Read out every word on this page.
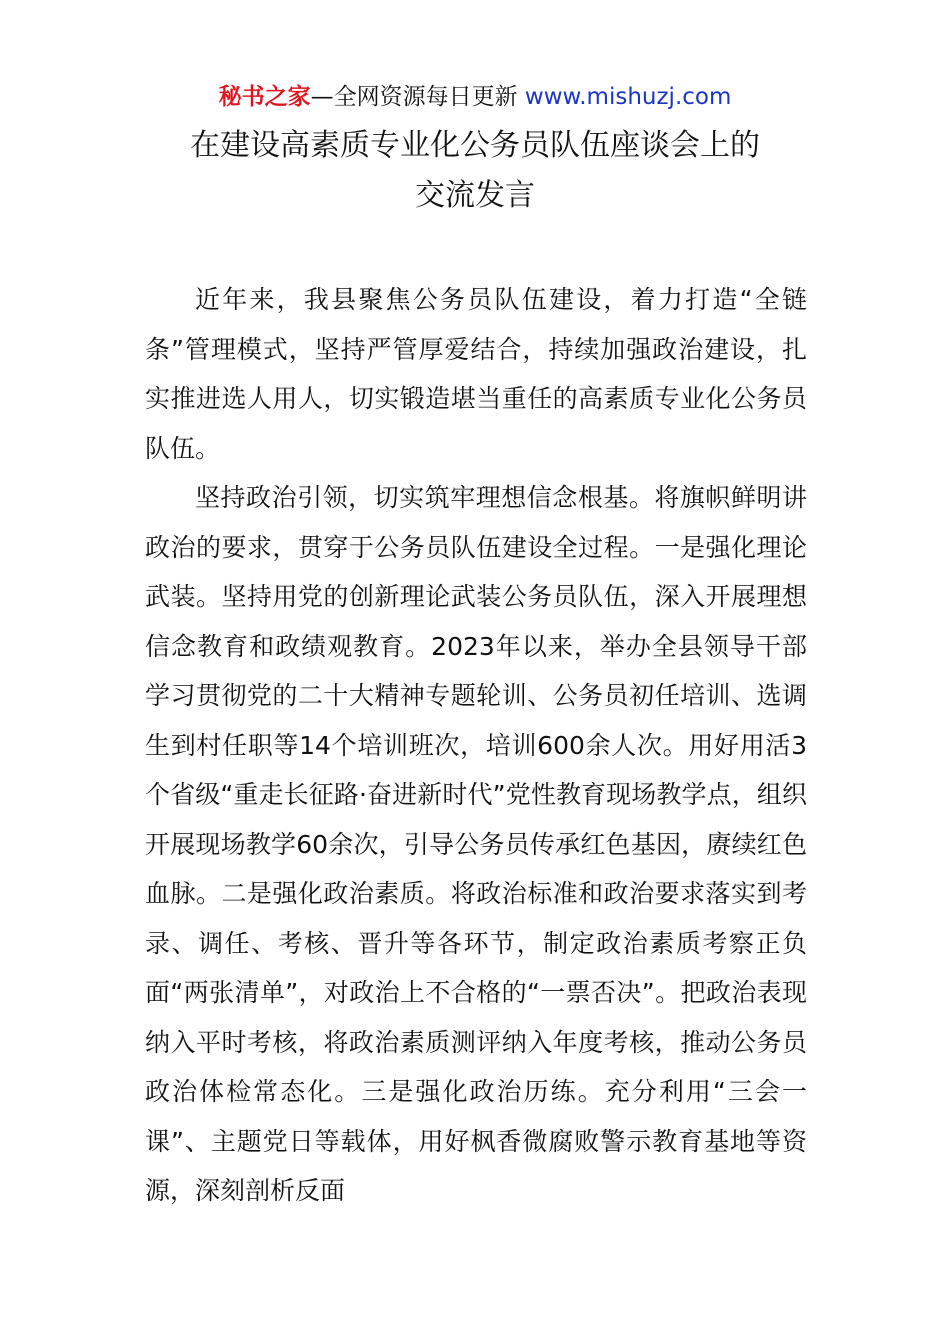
秘书之家—全网资源每日更新 www.mishuzj.com
在建设高素质专业化公务员队伍座谈会上的
交流发言

近年来，我县聚焦公务员队伍建设，着力打造“全链条”管理模式，坚持严管厚爱结合，持续加强政治建设，扎实推进选人用人，切实锻造堪当重任的高素质专业化公务员队伍。

坚持政治引领，切实筑牢理想信念根基。将旗帜鲜明讲政治的要求，贯穿于公务员队伍建设全过程。一是强化理论武装。坚持用党的创新理论武装公务员队伍，深入开展理想信念教育和政绩观教育。2023年以来，举办全县领导干部学习贯彻党的二十大精神专题轮训、公务员初任培训、选调生到村任职等14个培训班次，培训600余人次。用好用活3个省级“重走长征路·奋进新时代”党性教育现场教学点，组织开展现场教学60余次，引导公务员传承红色基因，赓续红色血脉。二是强化政治素质。将政治标准和政治要求落实到考录、调任、考核、晋升等各环节，制定政治素质考察正负面“两张清单”，对政治上不合格的“一票否决”。把政治表现纳入平时考核，将政治素质测评纳入年度考核，推动公务员政治体检常态化。三是强化政治历练。充分利用“三会一课”、主题党日等载体，用好枫香微腐败警示教育基地等资源，深刻剖析反面
